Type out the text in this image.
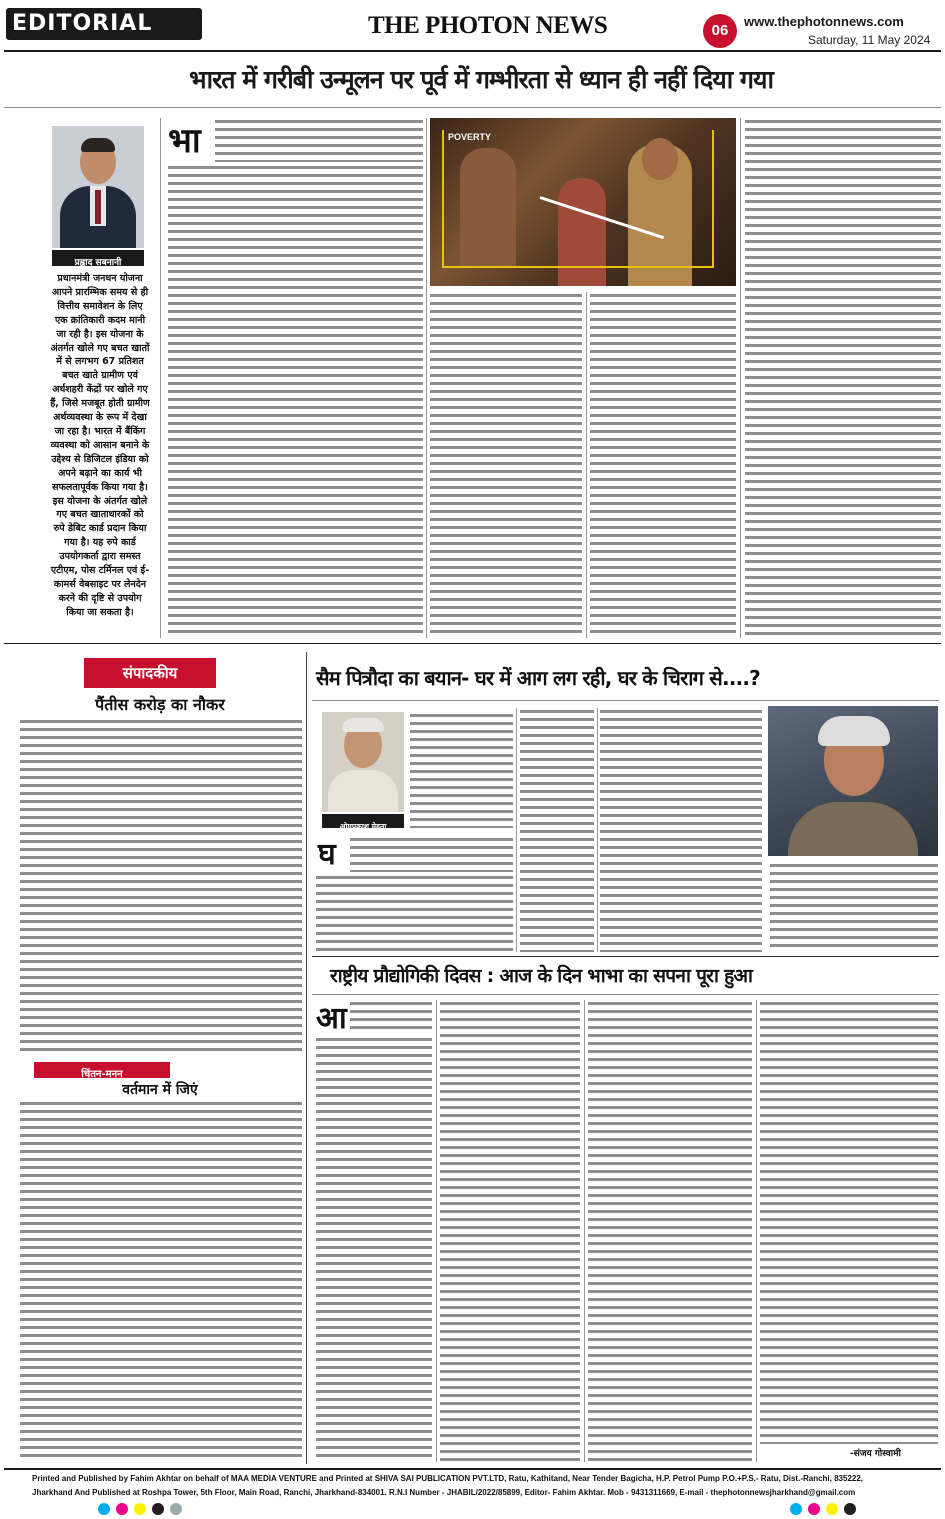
EDITORIAL	THE PHOTON NEWS	06
www.thephotonnews.com
Saturday, 11 May 2024
भारत में गरीबी उन्मूलन पर पूर्व में गम्भीरता से ध्यान ही नहीं दिया गया
प्रह्लाद सबनानी
प्रधानमंत्री जनधन योजना आपने प्रारम्भिक समय से ही वित्तीय समावेशन के लिए एक क्रांतिकारी कदम मानी जा रही है। इस योजना के अंतर्गत खोले गए बचत खातों में से लगभग 67 प्रतिशत बचत खाते ग्रामीण एवं अर्धशहरी केंद्रों पर खोले गए हैं, जिसे मजबूत होती ग्रामीण अर्थव्यवस्था के रूप में देखा जा रहा है। भारत में बैंकिंग व्यवस्था को आसान बनाने के उद्देश्य से डिजिटल इंडिया को अपने बढ़ाने का कार्य भी सफलतापूर्वक किया गया है। इस योजना के अंतर्गत खोले गए बचत खाताधारकों को रुपे डेबिट कार्ड प्रदान किया गया है। यह रुपे कार्ड उपयोगकर्ता द्वारा समस्त एटीएम, पोस टर्मिनल एवं ई-कामर्स वेबसाइट पर लेनदेन करने की दृष्टि से उपयोग किया जा सकता है।
भा	POVERTY
संपादकीय
पैंतीस करोड़ का नौकर
चिंतन-मनन
वर्तमान में जिएं
सैम पित्रौदा का बयान- घर में आग लग रही, घर के चिराग से....?
ओमप्रकाश मेहता
घ
राष्ट्रीय प्रौद्योगिकी दिवस : आज के दिन भाभा का सपना पूरा हुआ
आ
-संजय गोस्वामी
Printed and Published by Fahim Akhtar on behalf of MAA MEDIA VENTURE and Printed at SHIVA SAI PUBLICATION PVT.LTD, Ratu, Kathitand, Near Tender Bagicha, H.P. Petrol Pump P.O.+P.S.- Ratu, Dist.-Ranchi, 835222,
Jharkhand And Published at Roshpa Tower, 5th Floor, Main Road, Ranchi, Jharkhand-834001. R.N.I Number - JHABIL/2022/85899, Editor- Fahim Akhtar. Mob - 9431311669, E-mail - thephotonnewsjharkhand@gmail.com
